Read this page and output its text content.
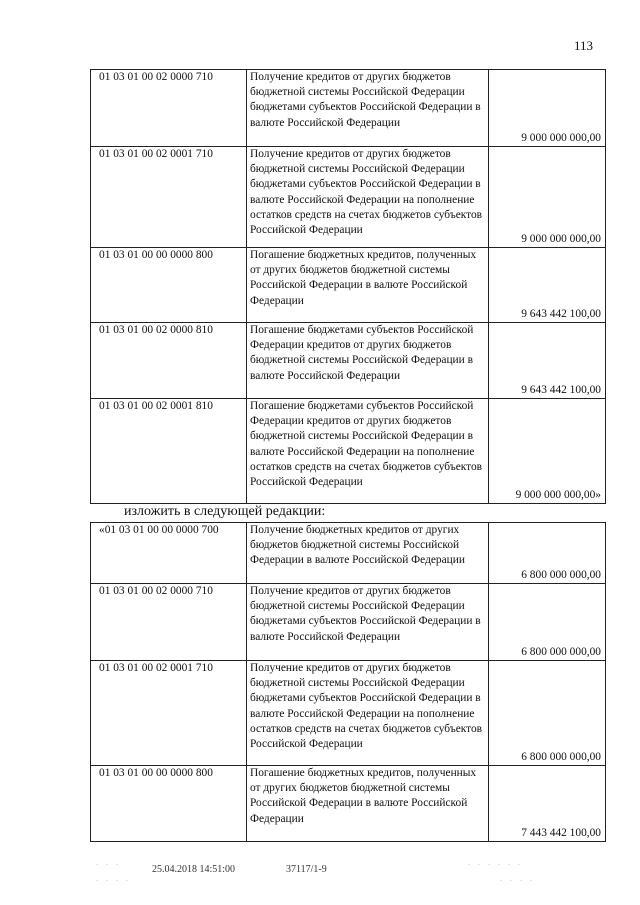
113
01 03 01 00 02 0000 710	Получение кредитов от других бюджетов бюджетной системы Российской Федерации бюджетами субъектов Российской Федерации в валюте Российской Федерации	9 000 000 000,00
01 03 01 00 02 0001 710	Получение кредитов от других бюджетов бюджетной системы Российской Федерации бюджетами субъектов Российской Федерации в валюте Российской Федерации на пополнение остатков средств на счетах бюджетов субъектов Российской Федерации	9 000 000 000,00
01 03 01 00 00 0000 800	Погашение бюджетных кредитов, полученных от других бюджетов бюджетной системы Российской Федерации в валюте Российской Федерации	9 643 442 100,00
01 03 01 00 02 0000 810	Погашение бюджетами субъектов Российской Федерации кредитов от других бюджетов бюджетной системы Российской Федерации в валюте Российской Федерации	9 643 442 100,00
01 03 01 00 02 0001 810	Погашение бюджетами субъектов Российской Федерации кредитов от других бюджетов бюджетной системы Российской Федерации в валюте Российской Федерации на пополнение остатков средств на счетах бюджетов субъектов Российской Федерации	9 000 000 000,00»
изложить в следующей редакции:
«01 03 01 00 00 0000 700	Получение бюджетных кредитов от других бюджетов бюджетной системы Российской Федерации в валюте Российской Федерации	6 800 000 000,00
01 03 01 00 02 0000 710	Получение кредитов от других бюджетов бюджетной системы Российской Федерации бюджетами субъектов Российской Федерации в валюте Российской Федерации	6 800 000 000,00
01 03 01 00 02 0001 710	Получение кредитов от других бюджетов бюджетной системы Российской Федерации бюджетами субъектов Российской Федерации в валюте Российской Федерации на пополнение остатков средств на счетах бюджетов субъектов Российской Федерации	6 800 000 000,00
01 03 01 00 00 0000 800	Погашение бюджетных кредитов, полученных от других бюджетов бюджетной системы Российской Федерации в валюте Российской Федерации	7 443 442 100,00
25.04.2018 14:51:00	37117/1-9
. . .
. . . .
. . . . . .
. . . .
